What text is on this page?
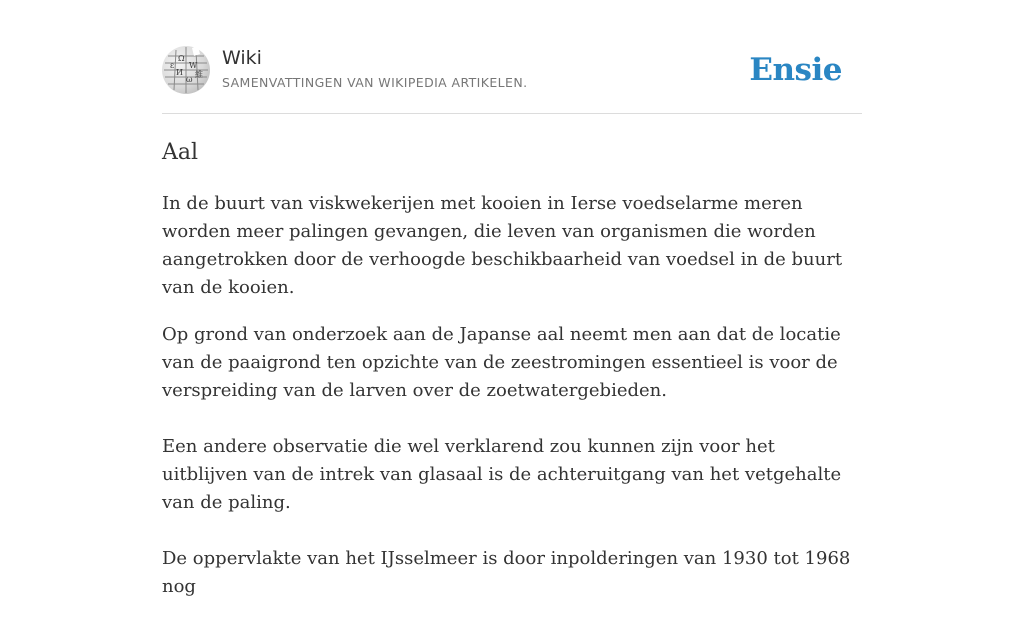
Ω
W
И
ω
ε
維
Wiki
SAMENVATTINGEN VAN WIKIPEDIA ARTIKELEN.	Ensie
Aal

In de buurt van viskwekerijen met kooien in Ierse voedselarme meren worden meer palingen gevangen, die leven van organismen die worden aangetrokken door de verhoogde beschikbaarheid van voedsel in de buurt van de kooien.

Op grond van onderzoek aan de Japanse aal neemt men aan dat de locatie van de paaigrond ten opzichte van de zeestromingen essentieel is voor de verspreiding van de larven over de zoetwatergebieden.

Een andere observatie die wel verklarend zou kunnen zijn voor het uitblijven van de intrek van glasaal is de achteruitgang van het vetgehalte van de paling.

De oppervlakte van het IJsselmeer is door inpolderingen van 1930 tot 1968 nog
